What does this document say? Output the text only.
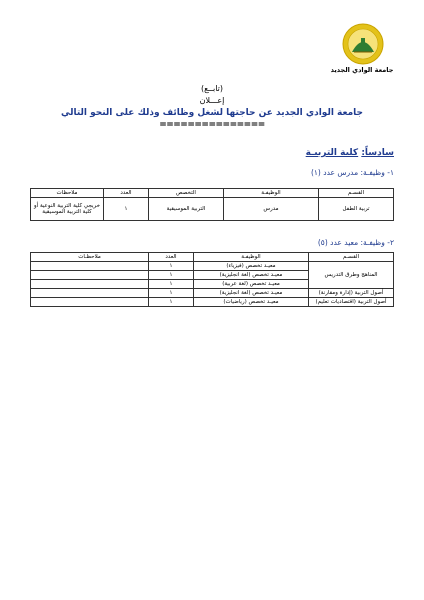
جامعة الوادي الجديد
(تابــع)
إعـــلان
جامعة الوادي الجديد عن حاجتها لشغل وظائف وذلك على النحو التالي
===============
سادساً: كلية التربيـة
١- وظيفـة: مدرس عدد (١)
القسـم	الوظيفـة	التخصص	العدد	ملاحظات
تربية الطفل	مدرس	التربية الموسيقية	١	خريجي كلية التربية النوعية أو كلية التربية الموسيقية
٢- وظيفـة: معيد عدد (٥)
القسـم	الوظيفـة	العدد	ملاحظـات
المناهج وطرق التدريس	معيـد تخصص (فيزياء)	١	
	معيـد تخصص (لغة انجليزية)	١	
	معيـد تخصص (لغة عربية)	١	
أصول التربية (إدارة ومقارنة)	معيـد تخصص (لغة انجليزية)	١	
أصول التربية (اقتصاديات تعليم)	معيـد تخصص (رياضيات)	١	
